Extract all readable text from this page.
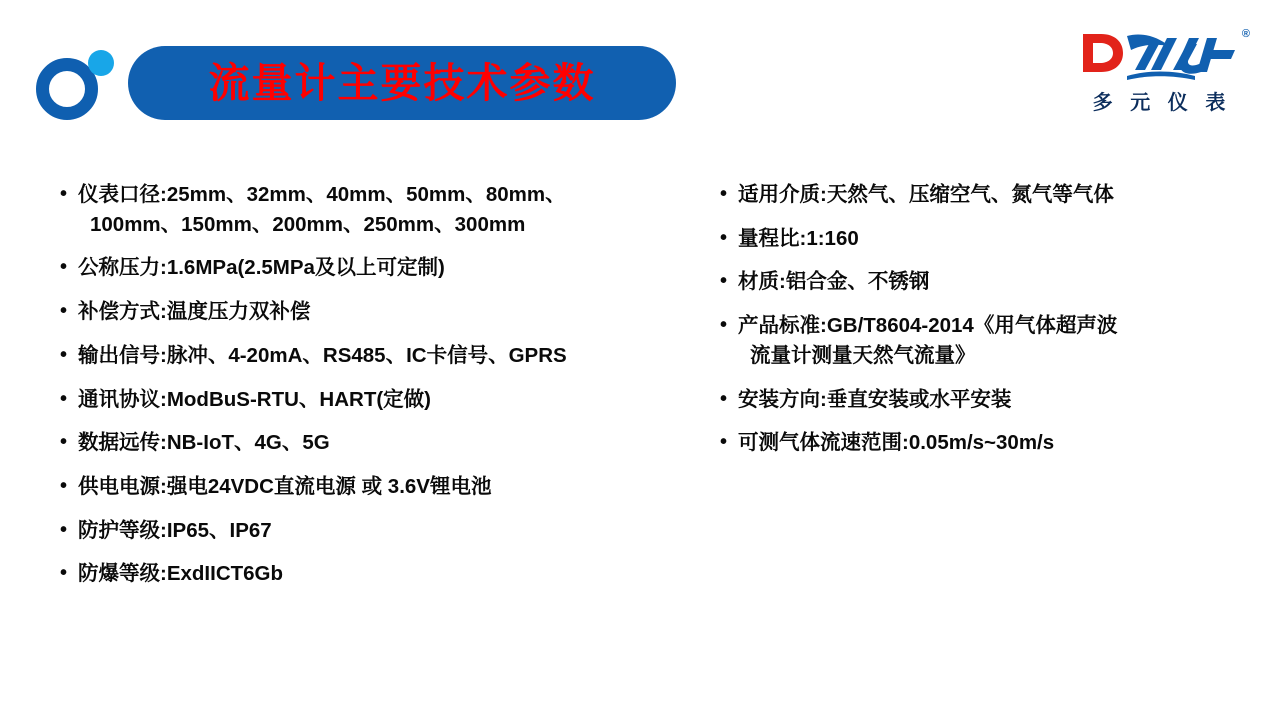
流量计主要技术参数
®
多 元 仪 表
• 仪表口径:25mm、32mm、40mm、50mm、80mm、
100mm、150mm、200mm、250mm、300mm
• 公称压力:1.6MPa(2.5MPa及以上可定制)
• 补偿方式:温度压力双补偿
• 输出信号:脉冲、4-20mA、RS485、IC卡信号、GPRS
• 通讯协议:ModBuS-RTU、HART(定做)
• 数据远传:NB-IoT、4G、5G
• 供电电源:强电24VDC直流电源 或 3.6V锂电池
• 防护等级:IP65、IP67
• 防爆等级:ExdIICT6Gb
• 适用介质:天然气、压缩空气、氮气等气体
• 量程比:1:160
• 材质:铝合金、不锈钢
• 产品标准:GB/T8604-2014《用气体超声波
流量计测量天然气流量》
• 安装方向:垂直安装或水平安装
• 可测气体流速范围:0.05m/s~30m/s
